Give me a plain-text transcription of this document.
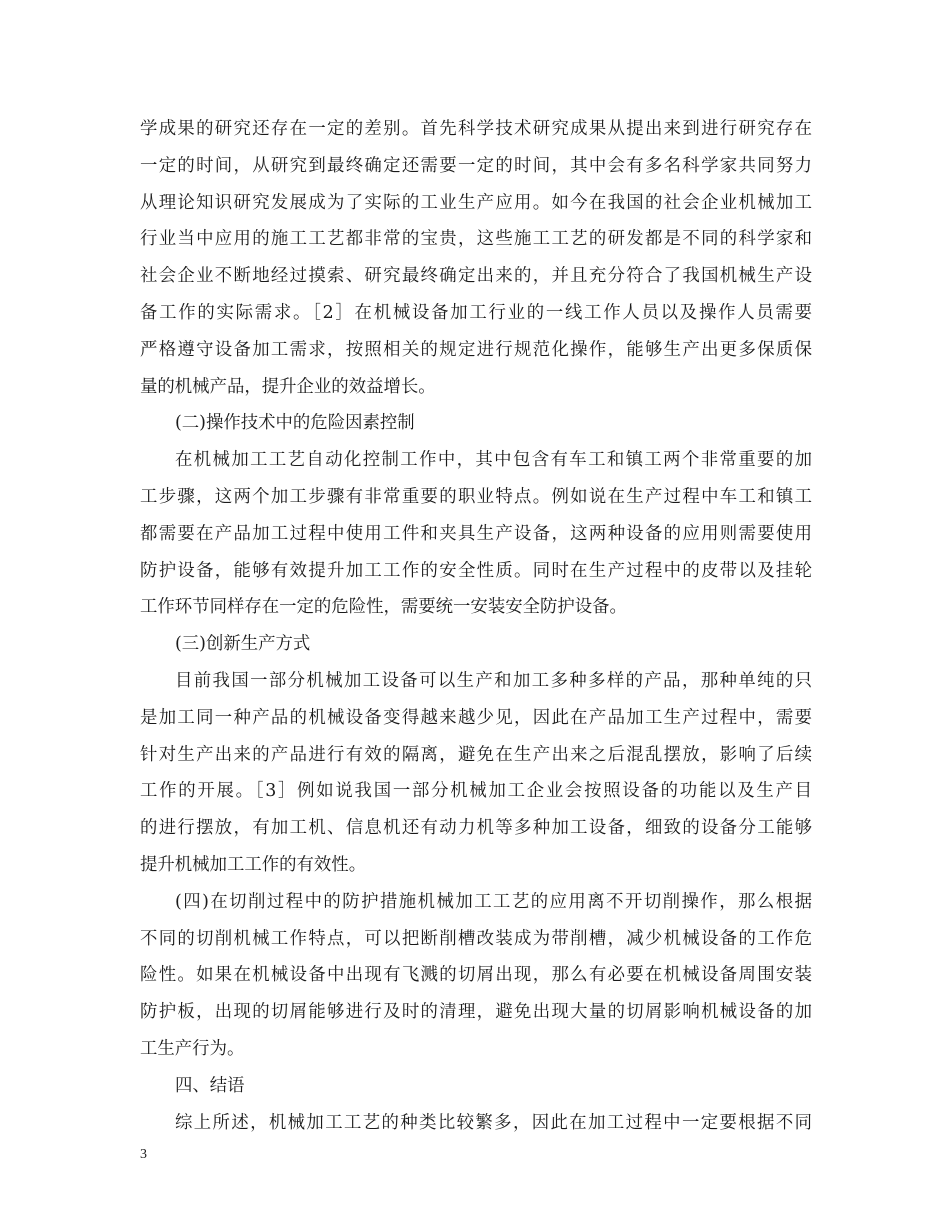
学成果的研究还存在一定的差别。首先科学技术研究成果从提出来到进行研究存在
一定的时间，从研究到最终确定还需要一定的时间，其中会有多名科学家共同努力
从理论知识研究发展成为了实际的工业生产应用。如今在我国的社会企业机械加工
行业当中应用的施工工艺都非常的宝贵，这些施工工艺的研发都是不同的科学家和
社会企业不断地经过摸索、研究最终确定出来的，并且充分符合了我国机械生产设
备工作的实际需求。［2］在机械设备加工行业的一线工作人员以及操作人员需要
严格遵守设备加工需求，按照相关的规定进行规范化操作，能够生产出更多保质保
量的机械产品，提升企业的效益增长。
(二)操作技术中的危险因素控制
在机械加工工艺自动化控制工作中，其中包含有车工和镇工两个非常重要的加
工步骤，这两个加工步骤有非常重要的职业特点。例如说在生产过程中车工和镇工
都需要在产品加工过程中使用工件和夹具生产设备，这两种设备的应用则需要使用
防护设备，能够有效提升加工工作的安全性质。同时在生产过程中的皮带以及挂轮
工作环节同样存在一定的危险性，需要统一安装安全防护设备。
(三)创新生产方式
目前我国一部分机械加工设备可以生产和加工多种多样的产品，那种单纯的只
是加工同一种产品的机械设备变得越来越少见，因此在产品加工生产过程中，需要
针对生产出来的产品进行有效的隔离，避免在生产出来之后混乱摆放，影响了后续
工作的开展。［3］例如说我国一部分机械加工企业会按照设备的功能以及生产目
的进行摆放，有加工机、信息机还有动力机等多种加工设备，细致的设备分工能够
提升机械加工工作的有效性。
(四)在切削过程中的防护措施机械加工工艺的应用离不开切削操作，那么根据
不同的切削机械工作特点，可以把断削槽改装成为带削槽，减少机械设备的工作危
险性。如果在机械设备中出现有飞溅的切屑出现，那么有必要在机械设备周围安装
防护板，出现的切屑能够进行及时的清理，避免出现大量的切屑影响机械设备的加
工生产行为。
四、结语
综上所述，机械加工工艺的种类比较繁多，因此在加工过程中一定要根据不同
3
